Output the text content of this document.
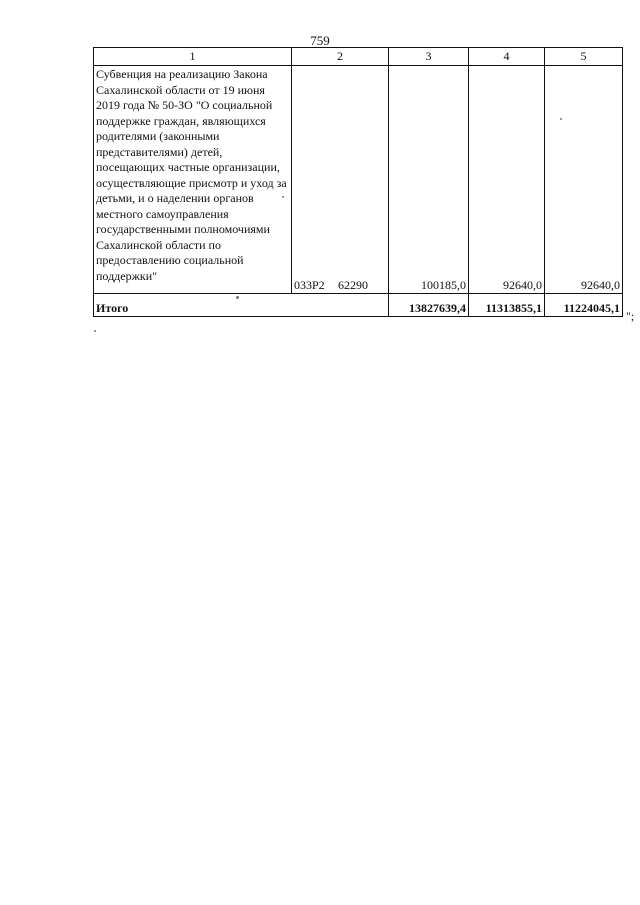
759
1	2	3	4	5
Субвенция на реализацию Закона Сахалинской области от 19 июня 2019 года № 50-ЗО "О социальной поддержке граждан, являющихся родителями (законными представителями) детей, посещающих частные организации, осуществляющие присмотр и уход за детьми, и о наделении органов местного самоуправления государственными полномочиями Сахалинской области по предоставлению социальной поддержки"	033Р2 62290	100185,0	92640,0	92640,0
Итого		13827639,4	11313855,1	11224045,1
";
